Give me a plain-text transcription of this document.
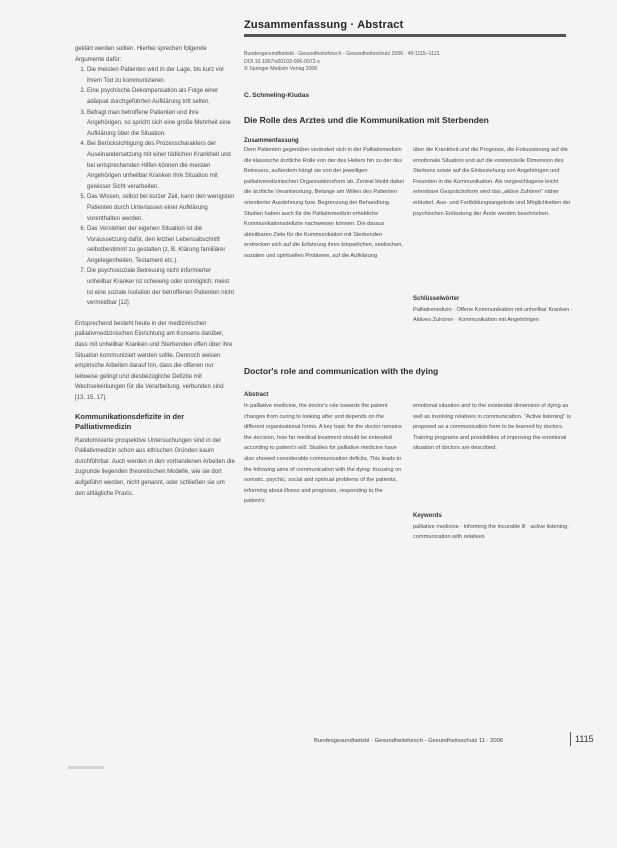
Zusammenfassung · Abstract

geklärt werden sollten. Hierbei sprechen folgende Argumente dafür:

1. Die meisten Patienten wird in der Lage, bis kurz vor ihrem Tod zu kommunizieren.
2. Eine psychische Dekompensation als Folge einer adäquat durchgeführten Aufklärung tritt selten.
3. Befragt man betroffene Patienten und ihre Angehörigen, so spricht sich eine große Mehrheit eine Aufklärung über die Situation.
4. Bei Berücksichtigung des Prozesscharakters der Auseinandersetzung mit einer tödlichen Krankheit und bei entsprechenden Hilfen können die meisten Angehörigen unheilbar Kranken ihre Situation mit gewisser Sicht verarbeiten.
5. Das Wissen, selbst bei kurzer Zeit, kann den wenigsten Patienten durch Unterlassen einer Aufklärung vorenthalten werden.
6. Das Verstehen der eigenen Situation ist die Voraussetzung dafür, den letzten Lebensabschnitt selbstbestimmt zu gestalten (z. B. Klärung familiärer Angelegenheiten, Testament etc.).
7. Die psychosoziale Betreuung nicht informierter unheilbar Kranker ist schwierig oder unmöglich; meist ist eine soziale Isolation der betroffenen Patienten nicht vermeidbar [12].

Entsprechend besteht heute in der medizinischen palliativmedizinischen Einrichtung am Konsens darüber, dass mit unheilbar Kranken und Sterbenden offen über ihre Situation kommuniziert werden sollte. Dennoch weisen empirische Arbeiten darauf hin, dass die offenen nur teilweise gelingt und diesbezügliche Defizite mit Wechselwirkungen für die Verarbeitung, verbunden sind [13, 15, 17].

Kommunikationsdefizite in der Palliativmedizin

Randomisierte prospektive Untersuchungen sind in der Palliativmedizin schon aus ethischen Gründen kaum durchführbar. Auch werden in den vorhandenen Arbeiten die zugrunde liegenden theoretischen Modelle, wie sie dort aufgeführt werden, nicht genannt, oder schließen sie um den alltägliche Praxis.

Bundesgesundheitsbl - Gesundheitsforsch - Gesundheitsschutz 2006 · 49:1115–1121
DOI 10.1007/s00103-006-0072-x
© Springer Medizin Verlag 2006
C. Schmeling-Kludas
Die Rolle des Arztes und die Kommunikation mit Sterbenden
Zusammenfassung
Dem Patienten gegenüber verändert sich in der Palliativmedizin die klassische ärztliche Rolle von der des Heilers hin zu der des Betreuers, außerdem hängt sie von der jeweiligen palliativmedizinischen Organisationsform ab. Zentral bleibt dabei die ärztliche Verantwortung, Belange am Willen des Patienten orientierter Ausdehnung bzw. Begrenzung der Behandlung. Studien haben auch für die Palliativmedizin erhebliche Kommunikationsdefizite nachweisen können. Die daraus ableitbaren Ziele für die Kommunikation mit Sterbenden erstrecken sich auf die Erfahrung ihres körperlichen, seelischen, sozialen und spirituellen Probleme, auf die Aufklärung
über die Krankheit und die Prognose, die Fokussierung auf die emotionale Situation und auf die existenzielle Dimension des Sterbens sowie auf die Einbeziehung von Angehörigen und Freunden in die Kommunikation. Als vorgeschlagene leicht erlernbare Gesprächsform wird das „aktive Zuhören“ näher erläutert. Aus- und Fortbildungsangebote und Möglichkeiten der psychischen Entlastung der Ärzte werden beschrieben.
Schlüsselwörter
Palliativmedizin · Offene Kommunikation mit unheilbar Kranken · Aktives Zuhören · Kommunikation mit Angehörigen
Doctor's role and communication with the dying
Abstract
In palliative medicine, the doctor's role towards the patient changes from curing to looking after and depends on the different organisational forms. A key topic for the doctor remains the decision, how far medical treatment should be extended according to patient's will. Studies for palliative medicine have also showed considerable communication deficits. This leads to the following aims of communication with the dying: focusing on somatic, psychic, social and spiritual problems of the patients, informing about illness and prognosis, responding to the patient's
emotional situation and to the existential dimension of dying as well as involving relatives in communication. "Active listening" is proposed as a communication form to be learned by doctors. Training programs and possibilities of improving the emotional situation of doctors are described.
Keywords
palliative medicine · informing the incurable ill · active listening · communication with relatives
Bundesgesundheitsbl - Gesundheitsforsch - Gesundheitsschutz 11 · 2006	1115
